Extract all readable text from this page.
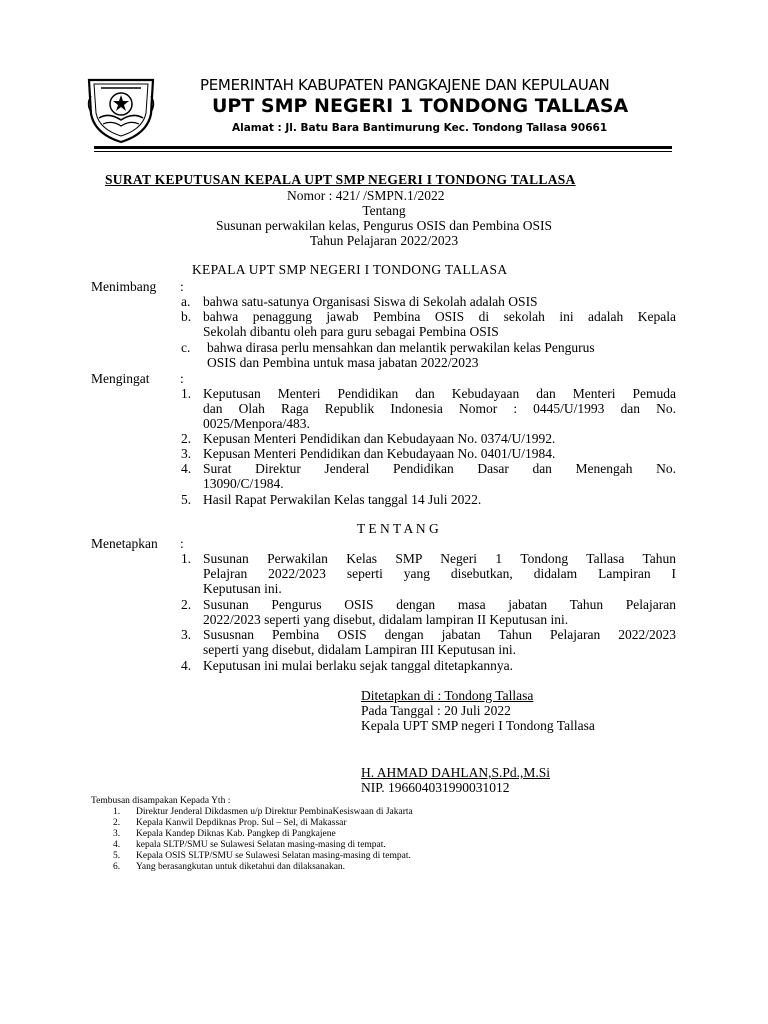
PEMERINTAH KABUPATEN PANGKAJENE DAN KEPULAUAN
UPT SMP NEGERI 1 TONDONG TALLASA
Alamat : Jl. Batu Bara Bantimurung Kec. Tondong Tallasa 90661
SURAT KEPUTUSAN KEPALA UPT SMP NEGERI I TONDONG TALLASA
Nomor : 421/ /SMPN.1/2022
Tentang
Susunan perwakilan kelas, Pengurus OSIS dan Pembina OSIS
Tahun Pelajaran 2022/2023
KEPALA UPT SMP NEGERI I TONDONG TALLASA
Menimbang :
a. bahwa satu-satunya Organisasi Siswa di Sekolah adalah OSIS
b. bahwa penaggung jawab Pembina OSIS di sekolah ini adalah Kepala
Sekolah dibantu oleh para guru sebagai Pembina OSIS
c. bahwa dirasa perlu mensahkan dan melantik perwakilan kelas Pengurus
OSIS dan Pembina untuk masa jabatan 2022/2023
Mengingat :
1. Keputusan Menteri Pendidikan dan Kebudayaan dan Menteri Pemuda
dan Olah Raga Republik Indonesia Nomor : 0445/U/1993 dan No.
0025/Menpora/483.
2. Kepusan Menteri Pendidikan dan Kebudayaan No. 0374/U/1992.
3. Kepusan Menteri Pendidikan dan Kebudayaan No. 0401/U/1984.
4. Surat Direktur Jenderal Pendidikan Dasar dan Menengah No.
13090/C/1984.
5. Hasil Rapat Perwakilan Kelas tanggal 14 Juli 2022.
T E N T A N G
Menetapkan :
1. Susunan Perwakilan Kelas SMP Negeri 1 Tondong Tallasa Tahun
Pelajran 2022/2023 seperti yang disebutkan, didalam Lampiran I
Keputusan ini.
2. Susunan Pengurus OSIS dengan masa jabatan Tahun Pelajaran
2022/2023 seperti yang disebut, didalam lampiran II Keputusan ini.
3. Sususnan Pembina OSIS dengan jabatan Tahun Pelajaran 2022/2023
seperti yang disebut, didalam Lampiran III Keputusan ini.
4. Keputusan ini mulai berlaku sejak tanggal ditetapkannya.
Ditetapkan di : Tondong Tallasa
Pada Tanggal : 20 Juli 2022
Kepala UPT SMP negeri I Tondong Tallasa
H. AHMAD DAHLAN,S.Pd.,M.Si
NIP. 196604031990031012
Tembusan disampakan Kepada Yth :
1. Direktur Jenderal Dikdasmen u/p Direktur PembinaKesiswaan di Jakarta
2. Kepala Kanwil Depdiknas Prop. Sul – Sel, di Makassar
3. Kepala Kandep Diknas Kab. Pangkep di Pangkajene
4. kepala SLTP/SMU se Sulawesi Selatan masing-masing di tempat.
5. Kepala OSIS SLTP/SMU se Sulawesi Selatan masing-masing di tempat.
6. Yang berasangkutan untuk diketahui dan dilaksanakan.
